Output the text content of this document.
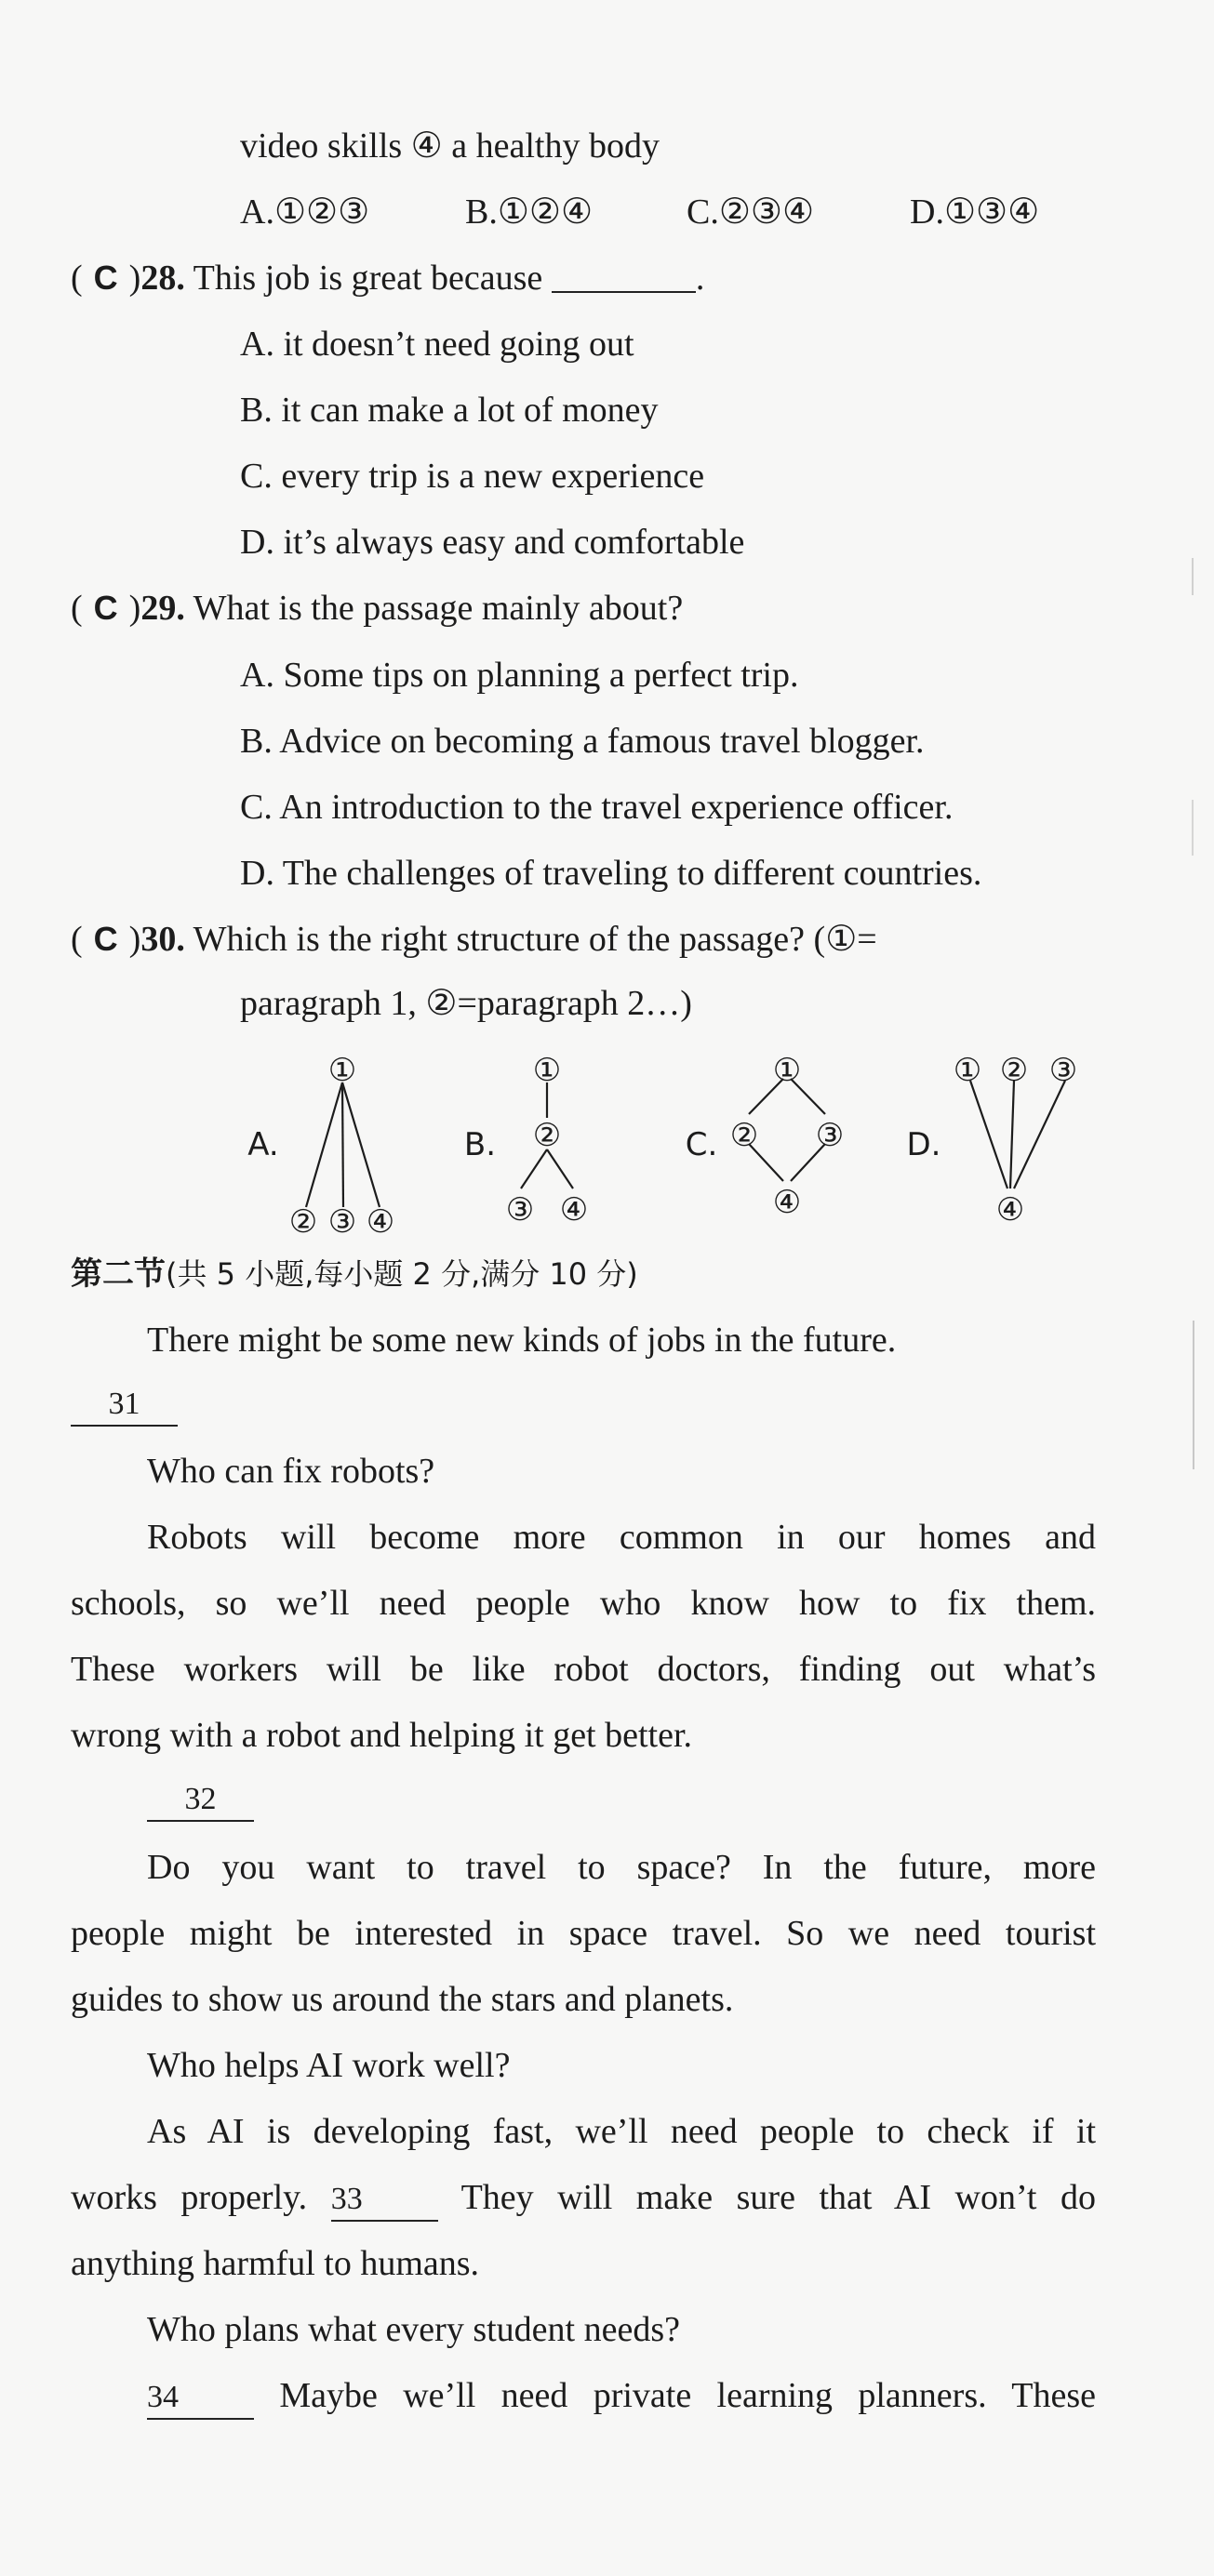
video skills ④ a healthy body
A.①②③	B.①②④	C.②③④	D.①③④
( C )28. This job is great because	.
A. it doesn’t need going out
B. it can make a lot of money
C. every trip is a new experience
D. it’s always easy and comfortable
( C )29. What is the passage mainly about?
A. Some tips on planning a perfect trip.
B. Advice on becoming a famous travel blogger.
C. An introduction to the travel experience officer.
D. The challenges of traveling to different countries.
( C )30. Which is the right structure of the passage? (①=
paragraph 1, ②=paragraph 2…)
A.
①
② ③ ④
B.
①
②
③ ④
C.
①
② ③
④
D.
① ② ③
④
第二节(共 5 小题,每小题 2 分,满分 10 分)
There might be some new kinds of jobs in the future.
31
Who can fix robots?
Robots will become more common in our homes and
schools, so we’ll need people who know how to fix them.
These workers will be like robot doctors, finding out what’s
wrong with a robot and helping it get better.
32
Do you want to travel to space? In the future, more
people might be interested in space travel. So we need tourist
guides to show us around the stars and planets.
Who helps AI work well?
As AI is developing fast, we’ll need people to check if it
works properly. 33	They will make sure that AI won’t do
anything harmful to humans.
Who plans what every student needs?
34	Maybe we’ll need private learning planners. These
